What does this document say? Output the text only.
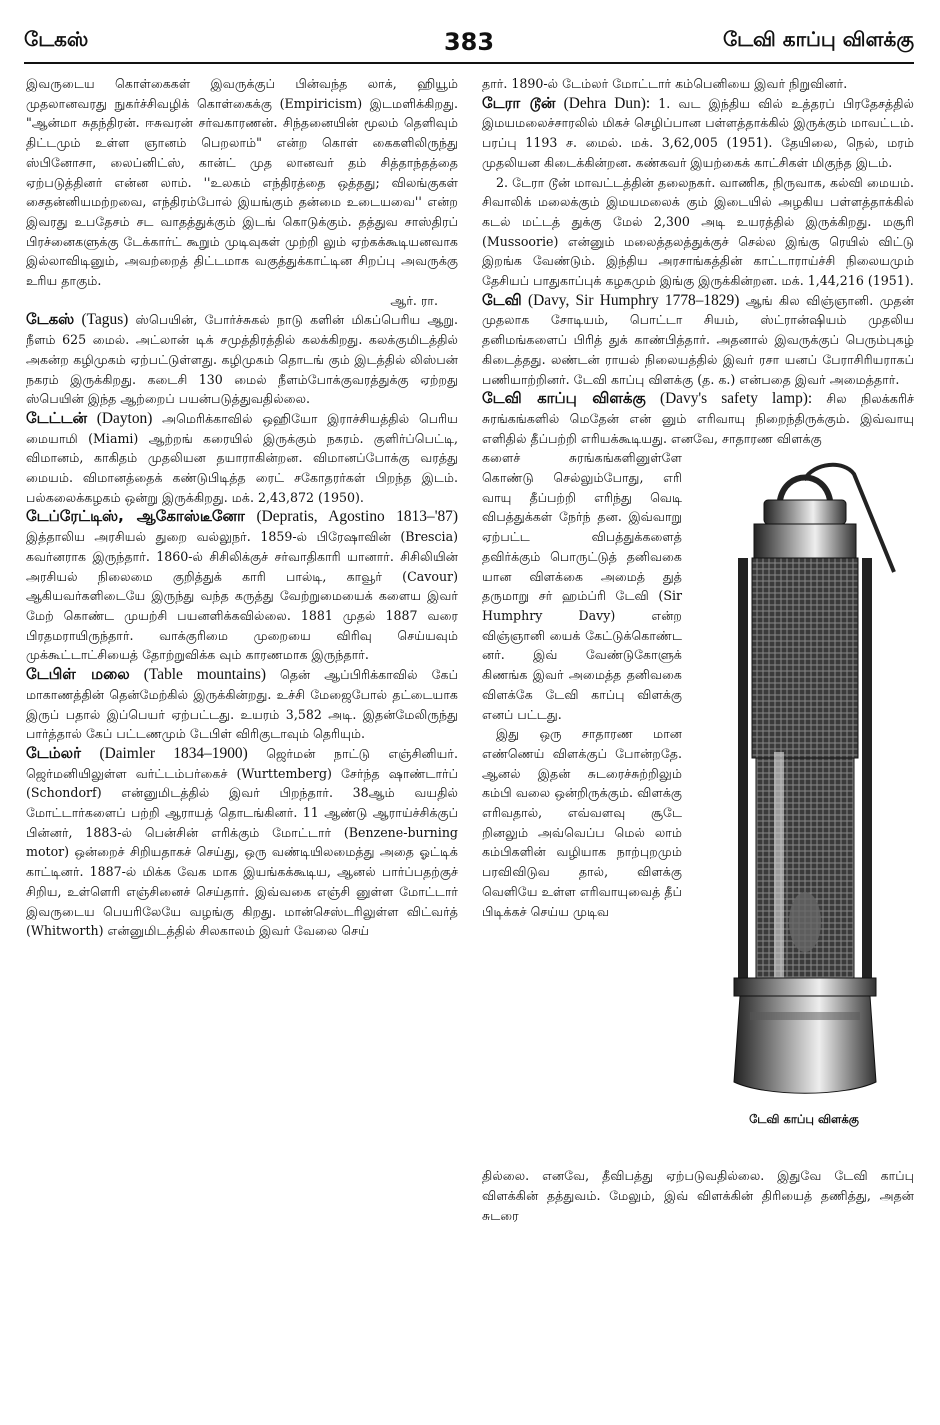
டேகஸ்	383	டேவி காப்பு விளக்கு

இவருடைய கொள்கைகள் இவருக்குப் பின்வந்த லாக், ஹியூம் முதலானவரது நுகர்ச்சிவழிக் கொள்கைக்கு (Empiricism) இடமளிக்கிறது. "ஆன்மா சுதந்திரன். ஈசுவரன் சர்வகாரணன். சிந்தனையின் மூலம் தெளிவும் திட்டமும் உள்ள ஞானம் பெறலாம்" என்ற கொள் கைகளிலிருந்து ஸ்பினோசா, லைப்னிட்ஸ், கான்ட் முத லானவர் தம் சித்தாந்தத்தை ஏற்படுத்தினர் என்ன லாம். ''உலகம் எந்திரத்தை ஒத்தது; விலங்குகள் சைதன்னியமற்றவை, எந்திரம்போல் இயங்கும் தன்மை உடையவை'' என்ற இவரது உபதேசம் சட வாதத்துக்கும் இடங் கொடுக்கும். தத்துவ சாஸ்திரப் பிரச்னைகளுக்கு டேக்கார்ட் கூறும் முடிவுகள் முற்றி லும் ஏற்கக்கூடியனவாக இல்லாவிடினும், அவற்றைத் திட்டமாக வகுத்துக்காட்டின சிறப்பு அவருக்கு உரிய தாகும்.
ஆர். ரா.

டேகஸ் (Tagus) ஸ்பெயின், போர்ச்சுகல் நாடு களின் மிகப்பெரிய ஆறு. நீளம் 625 மைல். அட்லான் டிக் சமுத்திரத்தில் கலக்கிறது. கலக்குமிடத்தில் அகன்ற கழிமுகம் ஏற்பட்டுள்ளது. கழிமுகம் தொடங் கும் இடத்தில் லிஸ்பன் நகரம் இருக்கிறது. கடைசி 130 மைல் நீளம்போக்குவரத்துக்கு ஏற்றது ஸ்பெயின் இந்த ஆற்றைப் பயன்படுத்துவதில்லை.

டேட்டன் (Dayton) அமெரிக்காவில் ஒஹியோ இராச்சியத்தில் பெரிய மையாமி (Miami) ஆற்றங் கரையில் இருக்கும் நகரம். குளிர்ப்பெட்டி, விமானம், காகிதம் முதலியன தயாராகின்றன. விமானப்போக்கு வரத்து மையம். விமானத்தைக் கண்டுபிடித்த ரைட் சகோதரர்கள் பிறந்த இடம். பல்கலைக்கழகம் ஒன்று இருக்கிறது. மக். 2,43,872 (1950).

டேப்ரேட்டிஸ், ஆகோஸ்டீனோ (Depratis, Agostino 1813–'87) இத்தாலிய அரசியல் துறை வல்லுநர். 1859-ல் பிரேஷாவின் (Brescia) கவர்னராக இருந்தார். 1860-ல் சிசிலிக்குச் சர்வாதிகாரி யானார். சிசிலியின் அரசியல் நிலைமை குறித்துக் காரி பால்டி, காவூர் (Cavour) ஆகியவர்களிடையே இருந்து வந்த கருத்து வேற்றுமையைக் களைய இவர் மேற் கொண்ட முயற்சி பயனளிக்கவில்லை. 1881 முதல் 1887 வரை பிரதமராயிருந்தார். வாக்குரிமை முறையை விரிவு செய்யவும் முக்கூட்டாட்சியைத் தோற்றுவிக்க வும் காரணமாக இருந்தார்.

டேபிள் மலை (Table mountains) தென் ஆப்பிரிக்காவில் கேப் மாகாணத்தின் தென்மேற்கில் இருக்கின்றது. உச்சி மேஜைபோல் தட்டையாக இருப் பதால் இப்பெயர் ஏற்பட்டது. உயரம் 3,582 அடி. இதன்மேலிருந்து பார்த்தால் கேப் பட்டணமும் டேபிள் விரிகுடாவும் தெரியும்.

டேம்லர் (Daimler 1834–1900) ஜெர்மன் நாட்டு எஞ்சினியர். ஜெர்மனியிலுள்ள வர்ட்டம்பர்கைச் (Wurttemberg) சேர்ந்த ஷாண்டார்ப் (Schondorf) என்னுமிடத்தில் இவர் பிறந்தார். 38ஆம் வயதில் மோட்டார்களைப் பற்றி ஆராயத் தொடங்கினர். 11 ஆண்டு ஆராய்ச்சிக்குப் பின்னர், 1883-ல் பென்சின் எரிக்கும் மோட்டார் (Benzene-burning motor) ஒன்றைச் சிறியதாகச் செய்து, ஒரு வண்டியிலமைத்து அதை ஓட்டிக் காட்டினர். 1887-ல் மிக்க வேக மாக இயங்கக்கூடிய, ஆனல் பார்ப்பதற்குச் சிறிய, உள்ளெரி எஞ்சினைச் செய்தார். இவ்வகை எஞ்சி னுள்ள மோட்டார் இவருடைய பெயரிலேயே வழங்கு கிறது. மான்செஸ்டரிலுள்ள விட்வர்த் (Whitworth) என்னுமிடத்தில் சிலகாலம் இவர் வேலை செய்

தார். 1890-ல் டேம்லர் மோட்டார் கம்பெனியை இவர் நிறுவினர்.

டேரா டூன் (Dehra Dun): 1. வட இந்திய வில் உத்தரப் பிரதேசத்தில் இமயமலைச்சாரலில் மிகச் செழிப்பான பள்ளத்தாக்கில் இருக்கும் மாவட்டம். பரப்பு 1193 ச. மைல். மக். 3,62,005 (1951). தேயிலை, நெல், மரம் முதலியன கிடைக்கின்றன. கண்கவர் இயற்கைக் காட்சிகள் மிகுந்த இடம்.

2. டேரா டூன் மாவட்டத்தின் தலைநகர். வாணிக, நிருவாக, கல்வி மையம். சிவாலிக் மலைக்கும் இமயமலைக் கும் இடையில் அழகிய பள்ளத்தாக்கில் கடல் மட்டத் துக்கு மேல் 2,300 அடி உயரத்தில் இருக்கிறது. மசூரி (Mussoorie) என்னும் மலைத்தலத்துக்குச் செல்ல இங்கு ரெயில் விட்டு இறங்க வேண்டும். இந்திய அரசாங்கத்தின் காட்டாராய்ச்சி நிலையமும் தேசியப் பாதுகாப்புக் கழகமும் இங்கு இருக்கின்றன. மக். 1,44,216 (1951).

டேவி (Davy, Sir Humphry 1778–1829) ஆங் கில விஞ்ஞானி. முதன் முதலாக சோடியம், பொட்டா சியம், ஸ்ட்ரான்ஷியம் முதலிய தனிமங்களைப் பிரித் துக் காண்பித்தார். அதனால் இவருக்குப் பெரும்புகழ் கிடைத்தது. லண்டன் ராயல் நிலையத்தில் இவர் ரசா யனப் பேராசிரியராகப் பணியாற்றினர். டேவி காப்பு விளக்கு (த. க.) என்பதை இவர் அமைத்தார்.

டேவி காப்பு விளக்கு (Davy's safety lamp): சில நிலக்கரிச் சுரங்கங்களில் மெதேன் என் னும் எரிவாயு நிறைந்திருக்கும். இவ்வாயு எளிதில் தீப்பற்றி எரியக்கூடியது. எனவே, சாதாரண விளக்கு

டேவி காப்பு விளக்கு

களைச் சுரங்கங்களினுள்ளே கொண்டு செல்லும்போது, எரி வாயு தீப்பற்றி எரிந்து வெடி விபத்துக்கள் நேர்ந் தன. இவ்வாறு ஏற்பட்ட விபத்துக்களைத் தவிர்க்கும் பொருட்டுத் தனிவகை யான விளக்கை அமைத் துத் தருமாறு சர் ஹம்ப்ரி டேவி (Sir Humphry Davy) என்ற விஞ்ஞானி யைக் கேட்டுக்கொண்ட னர். இவ் வேண்டுகோளுக் கிணங்க இவர் அமைத்த தனிவகை விளக்கே டேவி காப்பு விளக்கு எனப் பட்டது.

இது ஒரு சாதாரண மான எண்ணெய் விளக்குப் போன்றதே. ஆனல் இதன் சுடரைச்சுற்றிலும் கம்பி வலை ஒன்றிருக்கும். விளக்கு எரிவதால், எவ்வளவு சூடே றினலும் அவ்வெப்ப மெல் லாம் கம்பிகளின் வழியாக நாற்புறமும் பரவிவிடுவ தால், விளக்கு வெளியே உள்ள எரிவாயுவைத் தீப் பிடிக்கச் செய்ய முடிவ

தில்லை. எனவே, தீவிபத்து ஏற்படுவதில்லை. இதுவே டேவி காப்பு விளக்கின் தத்துவம். மேலும், இவ் விளக்கின் திரியைத் தணித்து, அதன் சுடரை
